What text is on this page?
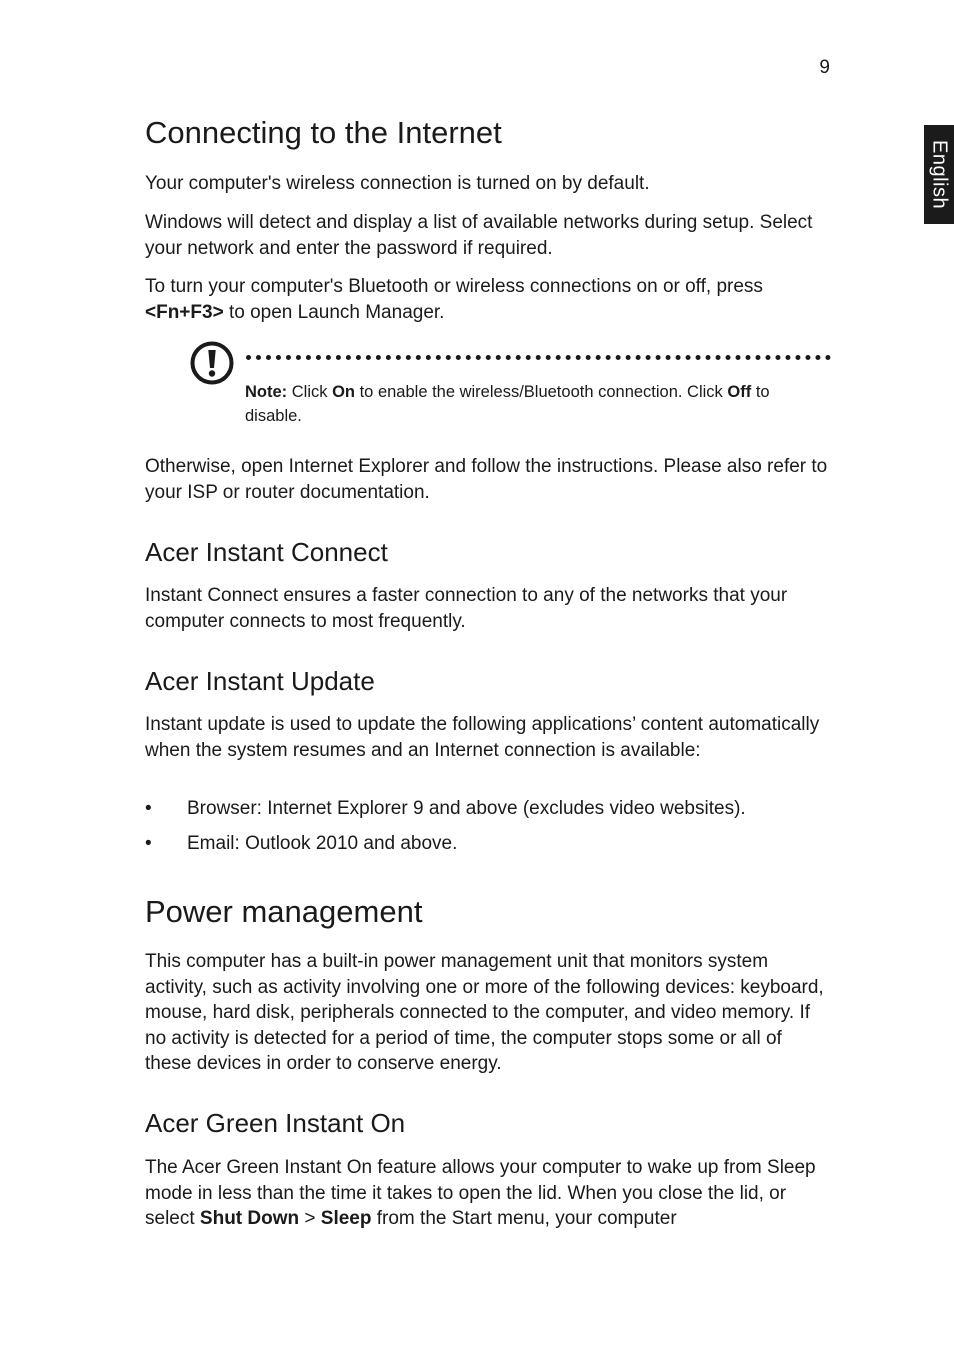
9
English
Connecting to the Internet

Your computer's wireless connection is turned on by default.

Windows will detect and display a list of available networks during setup. Select your network and enter the password if required.

To turn your computer's Bluetooth or wireless connections on or off, press <Fn+F3> to open Launch Manager.

Note: Click On to enable the wireless/Bluetooth connection. Click Off to disable.

Otherwise, open Internet Explorer and follow the instructions. Please also refer to your ISP or router documentation.

Acer Instant Connect

Instant Connect ensures a faster connection to any of the networks that your computer connects to most frequently.

Acer Instant Update

Instant update is used to update the following applications’ content automatically when the system resumes and an Internet connection is available:

• Browser: Internet Explorer 9 and above (excludes video websites).
• Email: Outlook 2010 and above.
Power management

This computer has a built-in power management unit that monitors system activity, such as activity involving one or more of the following devices: keyboard, mouse, hard disk, peripherals connected to the computer, and video memory. If no activity is detected for a period of time, the computer stops some or all of these devices in order to conserve energy.

Acer Green Instant On

The Acer Green Instant On feature allows your computer to wake up from Sleep mode in less than the time it takes to open the lid. When you close the lid, or select Shut Down > Sleep from the Start menu, your computer
